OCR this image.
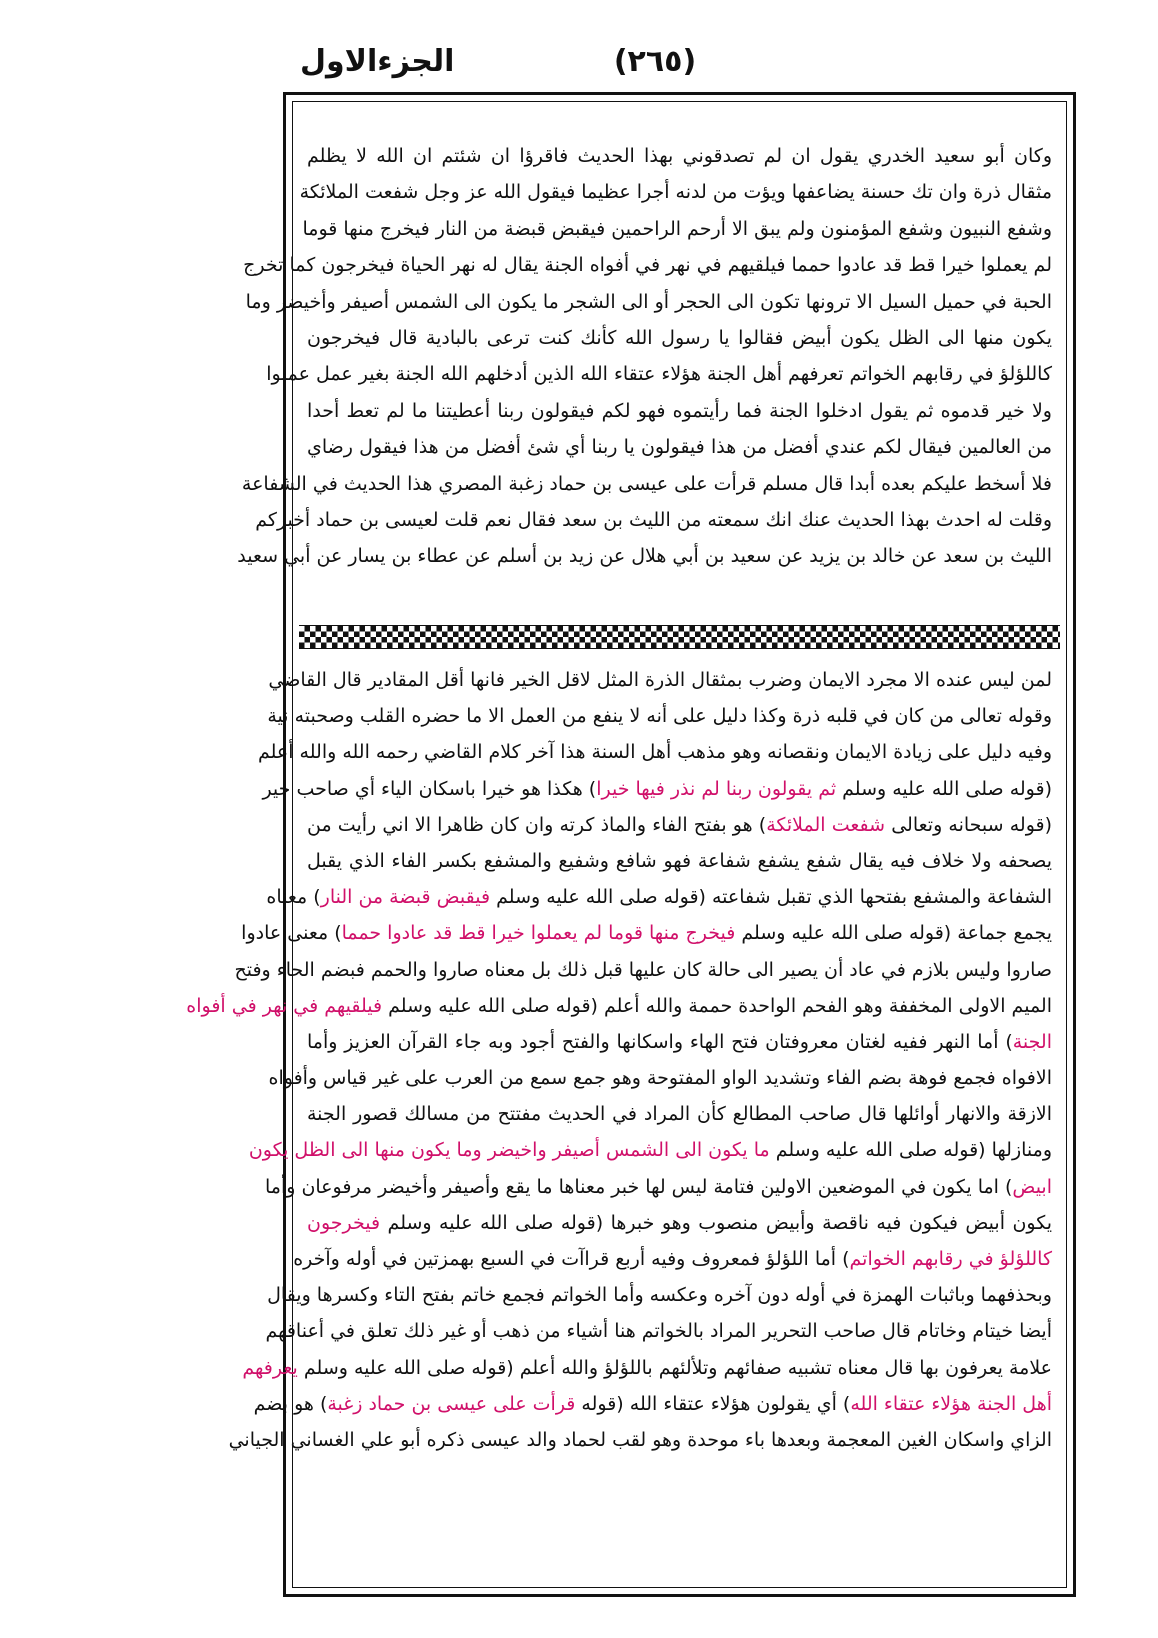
الجزءالاول	(٢٦٥)
وكان أبو سعيد الخدري يقول ان لم تصدقوني بهذا الحديث فاقرؤا ان شئتم ان الله لا يظلم
مثقال ذرة وان تك حسنة يضاعفها ويؤت من لدنه أجرا عظيما فيقول الله عز وجل شفعت الملائكة
وشفع النبيون وشفع المؤمنون ولم يبق الا أرحم الراحمين فيقبض قبضة من النار فيخرج منها قوما
لم يعملوا خيرا قط قد عادوا حمما فيلقيهم في نهر في أفواه الجنة يقال له نهر الحياة فيخرجون كما تخرج
الحبة في حميل السيل الا ترونها تكون الى الحجر أو الى الشجر ما يكون الى الشمس أصيفر وأخيضر وما
يكون منها الى الظل يكون أبيض فقالوا يا رسول الله كأنك كنت ترعى بالبادية قال فيخرجون
كاللؤلؤ في رقابهم الخواتم تعرفهم أهل الجنة هؤلاء عتقاء الله الذين أدخلهم الله الجنة بغير عمل عملوا
ولا خير قدموه ثم يقول ادخلوا الجنة فما رأيتموه فهو لكم فيقولون ربنا أعطيتنا ما لم تعط أحدا
من العالمين فيقال لكم عندي أفضل من هذا فيقولون يا ربنا أي شئ أفضل من هذا فيقول رضاي
فلا أسخط عليكم بعده أبدا قال مسلم قرأت على عيسى بن حماد زغبة المصري هذا الحديث في الشفاعة
وقلت له احدث بهذا الحديث عنك انك سمعته من الليث بن سعد فقال نعم قلت لعيسى بن حماد أخبركم
الليث بن سعد عن خالد بن يزيد عن سعيد بن أبي هلال عن زيد بن أسلم عن عطاء بن يسار عن أبي سعيد
لمن ليس عنده الا مجرد الايمان وضرب بمثقال الذرة المثل لاقل الخير فانها أقل المقادير قال القاضي
وقوله تعالى من كان في قلبه ذرة وكذا دليل على أنه لا ينفع من العمل الا ما حضره القلب وصحبته نية
وفيه دليل على زيادة الايمان ونقصانه وهو مذهب أهل السنة هذا آخر كلام القاضي رحمه الله والله أعلم
(قوله صلى الله عليه وسلم ثم يقولون ربنا لم نذر فيها خيرا) هكذا هو خيرا باسكان الياء أي صاحب خير
(قوله سبحانه وتعالى شفعت الملائكة) هو بفتح الفاء والماذ كرته وان كان ظاهرا الا اني رأيت من
يصحفه ولا خلاف فيه يقال شفع يشفع شفاعة فهو شافع وشفيع والمشفع بكسر الفاء الذي يقبل
الشفاعة والمشفع بفتحها الذي تقبل شفاعته (قوله صلى الله عليه وسلم فيقبض قبضة من النار) معناه
يجمع جماعة (قوله صلى الله عليه وسلم فيخرج منها قوما لم يعملوا خيرا قط قد عادوا حمما) معنى عادوا
صاروا وليس بلازم في عاد أن يصير الى حالة كان عليها قبل ذلك بل معناه صاروا والحمم فبضم الحاء وفتح
الميم الاولى المخففة وهو الفحم الواحدة حممة والله أعلم (قوله صلى الله عليه وسلم فيلقيهم في نهر في أفواه
الجنة) أما النهر ففيه لغتان معروفتان فتح الهاء واسكانها والفتح أجود وبه جاء القرآن العزيز وأما
الافواه فجمع فوهة بضم الفاء وتشديد الواو المفتوحة وهو جمع سمع من العرب على غير قياس وأفواه
الازقة والانهار أوائلها قال صاحب المطالع كأن المراد في الحديث مفتتح من مسالك قصور الجنة
ومنازلها (قوله صلى الله عليه وسلم ما يكون الى الشمس أصيفر واخيضر وما يكون منها الى الظل يكون
ابيض) اما يكون في الموضعين الاولين فتامة ليس لها خبر معناها ما يقع وأصيفر وأخيضر مرفوعان وأما
يكون أبيض فيكون فيه ناقصة وأبيض منصوب وهو خبرها (قوله صلى الله عليه وسلم فيخرجون
كاللؤلؤ في رقابهم الخواتم) أما اللؤلؤ فمعروف وفيه أربع قراآت في السبع بهمزتين في أوله وآخره
وبحذفهما وباثبات الهمزة في أوله دون آخره وعكسه وأما الخواتم فجمع خاتم بفتح التاء وكسرها ويقال
أيضا خيتام وخاتام قال صاحب التحرير المراد بالخواتم هنا أشياء من ذهب أو غير ذلك تعلق في أعناقهم
علامة يعرفون بها قال معناه تشبيه صفائهم وتلألئهم باللؤلؤ والله أعلم (قوله صلى الله عليه وسلم يعرفهم
أهل الجنة هؤلاء عتقاء الله) أي يقولون هؤلاء عتقاء الله (قوله قرأت على عيسى بن حماد زغبة) هو بضم
الزاي واسكان الغين المعجمة وبعدها باء موحدة وهو لقب لحماد والد عيسى ذكره أبو علي الغساني الجياني
